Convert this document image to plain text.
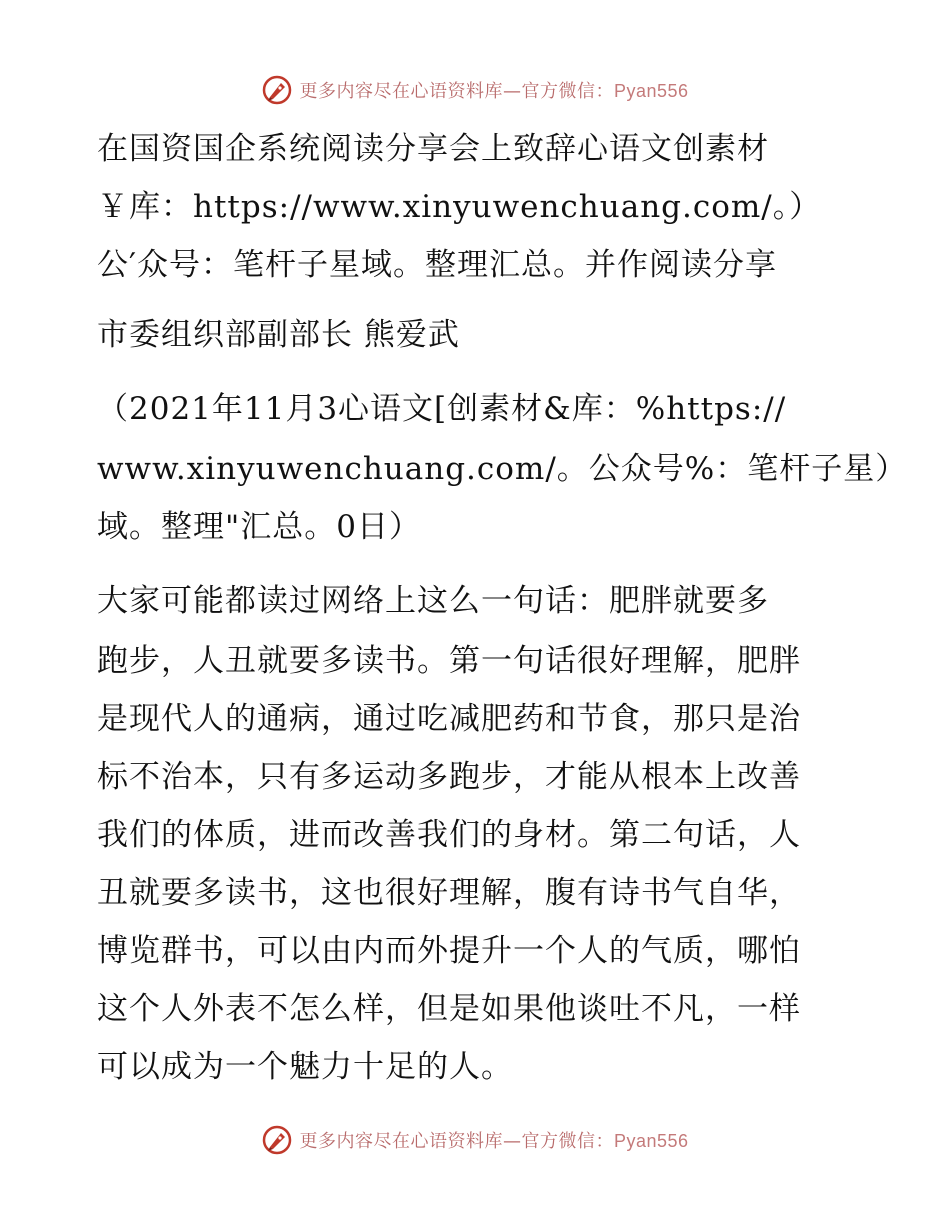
更多内容尽在心语资料库—官方微信：Pyan556
在国资国企系统阅读分享会上致辞心语文创素材
￥库：https://www.xinyuwenchuang.com/。）
公′众号：笔杆子星域。整理汇总。并作阅读分享
市委组织部副部长 熊爱武
（2021年11月3心语文[创素材&库：%https://
www.xinyuwenchuang.com/。公众号%：笔杆子星）
域。整理"汇总。0日）
大家可能都读过网络上这么一句话：肥胖就要多
跑步，人丑就要多读书。第一句话很好理解，肥胖
是现代人的通病，通过吃减肥药和节食，那只是治
标不治本，只有多运动多跑步，才能从根本上改善
我们的体质，进而改善我们的身材。第二句话，人
丑就要多读书，这也很好理解，腹有诗书气自华，
博览群书，可以由内而外提升一个人的气质，哪怕
这个人外表不怎么样，但是如果他谈吐不凡，一样
可以成为一个魅力十足的人。
更多内容尽在心语资料库—官方微信：Pyan556
